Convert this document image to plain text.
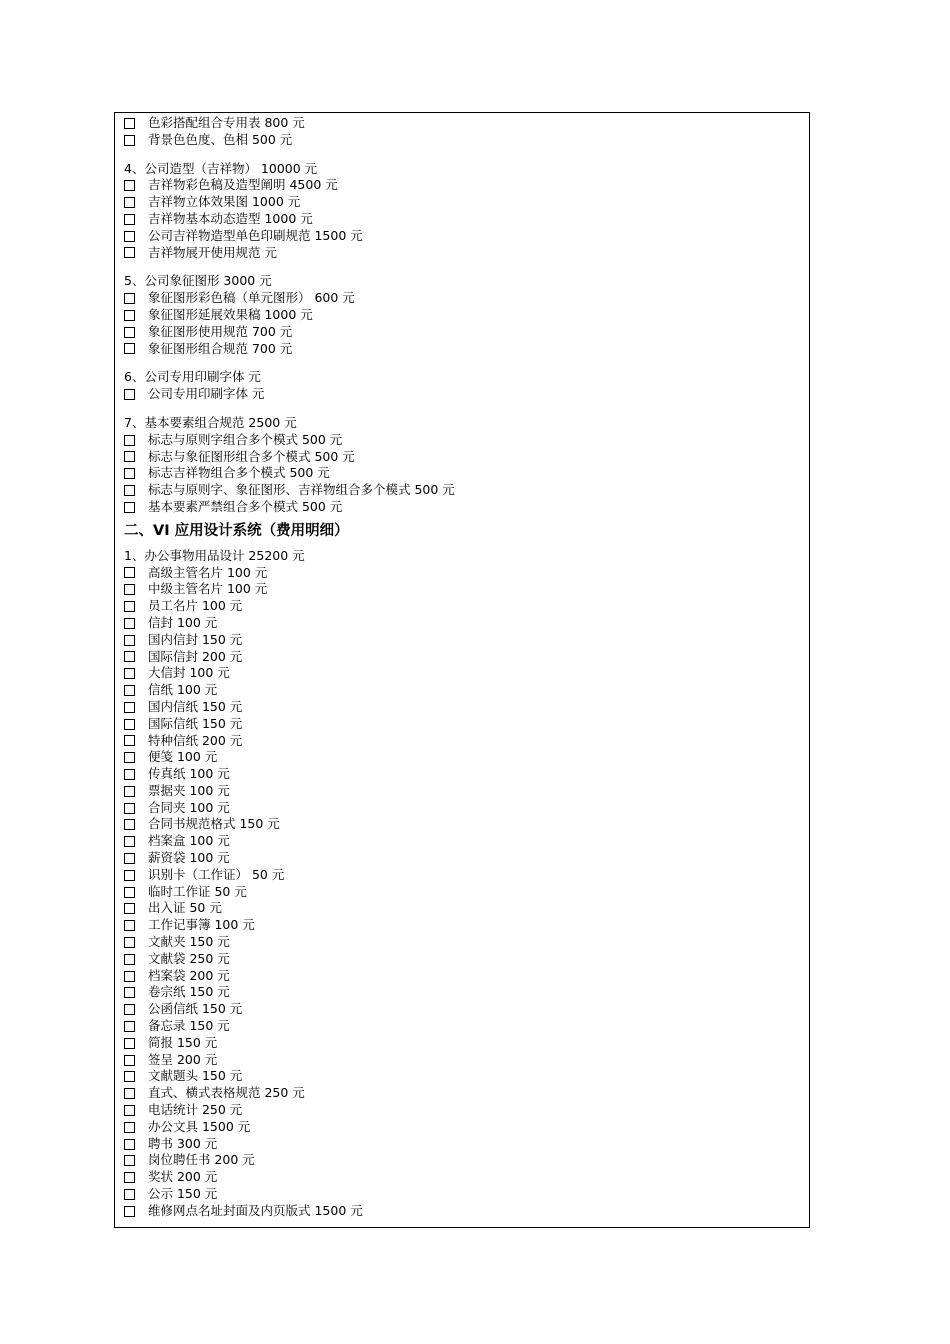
色彩搭配组合专用表 800 元
背景色色度、色相 500 元
4、公司造型（吉祥物） 10000 元
吉祥物彩色稿及造型阐明 4500 元
吉祥物立体效果图 1000 元
吉祥物基本动态造型 1000 元
公司吉祥物造型单色印刷规范 1500 元
吉祥物展开使用规范 元
5、公司象征图形 3000 元
象征图形彩色稿（单元图形） 600 元
象征图形延展效果稿 1000 元
象征图形使用规范 700 元
象征图形组合规范 700 元
6、公司专用印刷字体 元
公司专用印刷字体 元
7、基本要素组合规范 2500 元
标志与原则字组合多个模式 500 元
标志与象征图形组合多个模式 500 元
标志吉祥物组合多个模式 500 元
标志与原则字、象征图形、吉祥物组合多个模式 500 元
基本要素严禁组合多个模式 500 元
二、VI 应用设计系统（费用明细）
1、办公事物用品设计 25200 元
高级主管名片 100 元
中级主管名片 100 元
员工名片 100 元
信封 100 元
国内信封 150 元
国际信封 200 元
大信封 100 元
信纸 100 元
国内信纸 150 元
国际信纸 150 元
特种信纸 200 元
便笺 100 元
传真纸 100 元
票据夹 100 元
合同夹 100 元
合同书规范格式 150 元
档案盒 100 元
薪资袋 100 元
识别卡（工作证） 50 元
临时工作证 50 元
出入证 50 元
工作记事簿 100 元
文献夹 150 元
文献袋 250 元
档案袋 200 元
卷宗纸 150 元
公函信纸 150 元
备忘录 150 元
简报 150 元
签呈 200 元
文献题头 150 元
直式、横式表格规范 250 元
电话统计 250 元
办公文具 1500 元
聘书 300 元
岗位聘任书 200 元
奖状 200 元
公示 150 元
维修网点名址封面及内页版式 1500 元
